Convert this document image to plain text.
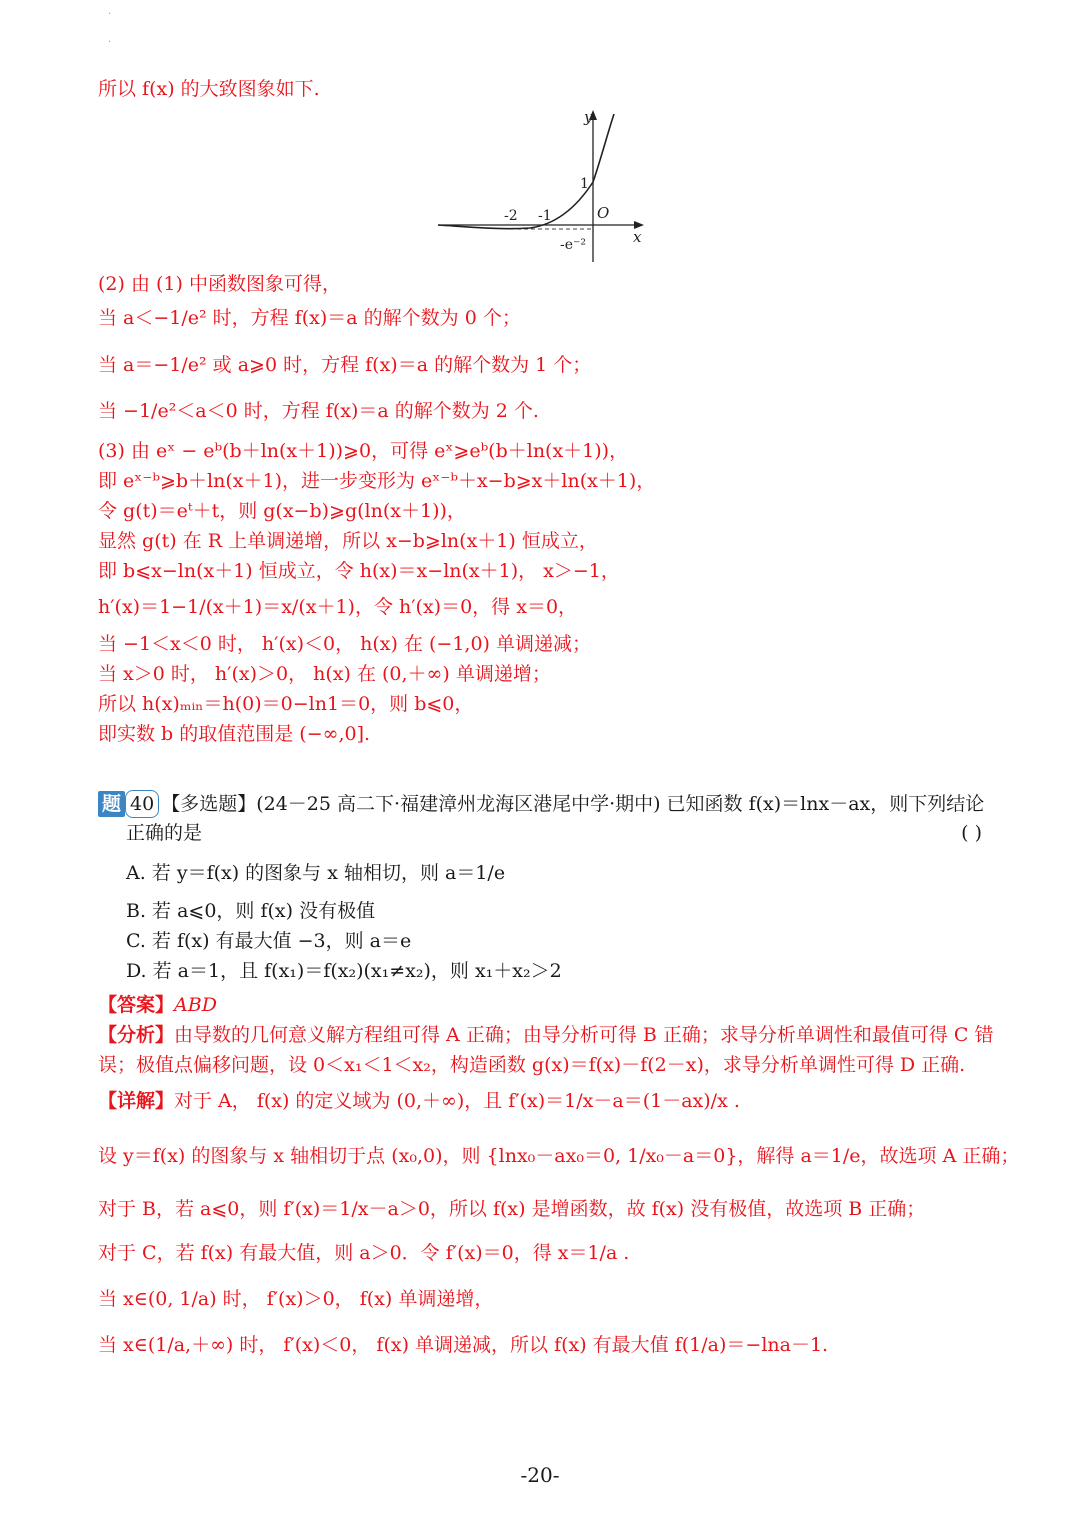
.
.
所以 f(x) 的大致图象如下.
y
x
O
-2 -1
1
-e⁻²
(2) 由 (1) 中函数图象可得，
当 a＜−1/e² 时，方程 f(x)＝a 的解个数为 0 个；
当 a＝−1/e² 或 a⩾0 时，方程 f(x)＝a 的解个数为 1 个；
当 −1/e²＜a＜0 时，方程 f(x)＝a 的解个数为 2 个.
(3) 由 eˣ − eᵇ(b＋ln(x＋1))⩾0，可得 eˣ⩾eᵇ(b＋ln(x＋1))，
即 eˣ⁻ᵇ⩾b＋ln(x＋1)，进一步变形为 eˣ⁻ᵇ＋x−b⩾x＋ln(x＋1)，
令 g(t)＝eᵗ＋t，则 g(x−b)⩾g(ln(x＋1))，
显然 g(t) 在 R 上单调递增，所以 x−b⩾ln(x＋1) 恒成立，
即 b⩽x−ln(x＋1) 恒成立，令 h(x)＝x−ln(x＋1)， x＞−1，
h′(x)＝1−1/(x＋1)＝x/(x＋1)，令 h′(x)＝0，得 x＝0，
当 −1＜x＜0 时， h′(x)＜0， h(x) 在 (−1,0) 单调递减；
当 x＞0 时， h′(x)＞0， h(x) 在 (0,＋∞) 单调递增；
所以 h(x)ₘᵢₙ＝h(0)＝0−ln1＝0，则 b⩽0，
即实数 b 的取值范围是 (−∞,0].
题 40 【多选题】(24－25 高二下·福建漳州龙海区港尾中学·期中) 已知函数 f(x)＝lnx－ax，则下列结论
正确的是	( )
A. 若 y＝f(x) 的图象与 x 轴相切，则 a＝1/e
B. 若 a⩽0，则 f(x) 没有极值
C. 若 f(x) 有最大值 −3，则 a＝e
D. 若 a＝1，且 f(x₁)＝f(x₂)(x₁≠x₂)，则 x₁＋x₂＞2
【答案】ABD
【分析】由导数的几何意义解方程组可得 A 正确；由导分析可得 B 正确；求导分析单调性和最值可得 C 错
误；极值点偏移问题，设 0＜x₁＜1＜x₂，构造函数 g(x)＝f(x)－f(2－x)，求导分析单调性可得 D 正确.
【详解】对于 A， f(x) 的定义域为 (0,＋∞)，且 f′(x)＝1/x－a＝(1－ax)/x .
设 y＝f(x) 的图象与 x 轴相切于点 (x₀,0)，则 {lnx₀－ax₀＝0, 1/x₀－a＝0}，解得 a＝1/e，故选项 A 正确；
对于 B，若 a⩽0，则 f′(x)＝1/x－a＞0，所以 f(x) 是增函数，故 f(x) 没有极值，故选项 B 正确；
对于 C，若 f(x) 有最大值，则 a＞0．令 f′(x)＝0，得 x＝1/a .
当 x∈(0, 1/a) 时， f′(x)＞0， f(x) 单调递增，
当 x∈(1/a,＋∞) 时， f′(x)＜0， f(x) 单调递减，所以 f(x) 有最大值 f(1/a)＝−lna－1.
-20-
